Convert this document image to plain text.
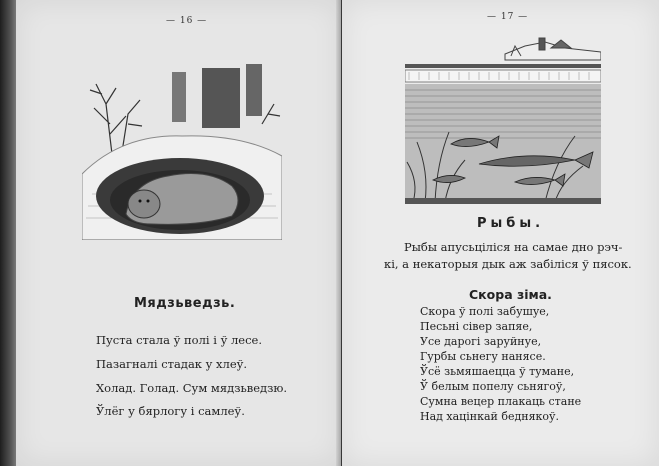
— 16 —
Мядзьведзь.
Пуста стала ў полі і ў лесе.
Пазагналі стадак у хлеў.
Холад. Голад. Сум мядзьведзю.
Ўлёг у бярлогу і самлеў.
— 17 —
Рыбы.
Рыбы апусьціліся на самае дно рэч-
кі, а некаторыя дык аж забіліся ў пясок.
Скора зіма.
Скора ў полі забушуе,
Песьні сівер запяе,
Усе дарогі заруйнуе,
Гурбы сьнегу нанясе.
Ўсё зьмяшаецца ў тумане,
Ў белым попелу сьнягоў,
Сумна вецер плакаць стане
Над хацінкай беднякоў.
